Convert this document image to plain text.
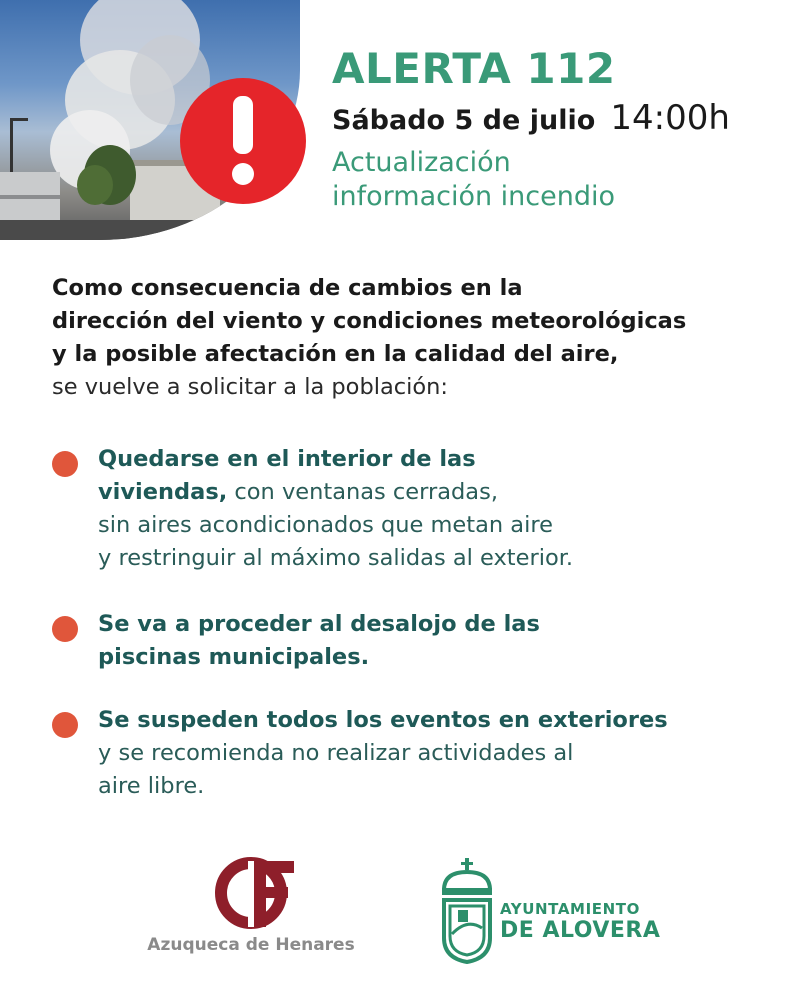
ALERTA 112
Sábado 5 de julio 14:00h
Actualización
información incendio
Como consecuencia de cambios en la
dirección del viento y condiciones meteorológicas
y la posible afectación en la calidad del aire,
se vuelve a solicitar a la población:
Quedarse en el interior de las
viviendas, con ventanas cerradas,
sin aires acondicionados que metan aire
y restringuir al máximo salidas al exterior.
Se va a proceder al desalojo de las
piscinas municipales.
Se suspeden todos los eventos en exteriores
y se recomienda no realizar actividades al
aire libre.
Azuqueca de Henares
AYUNTAMIENTO
DE ALOVERA
